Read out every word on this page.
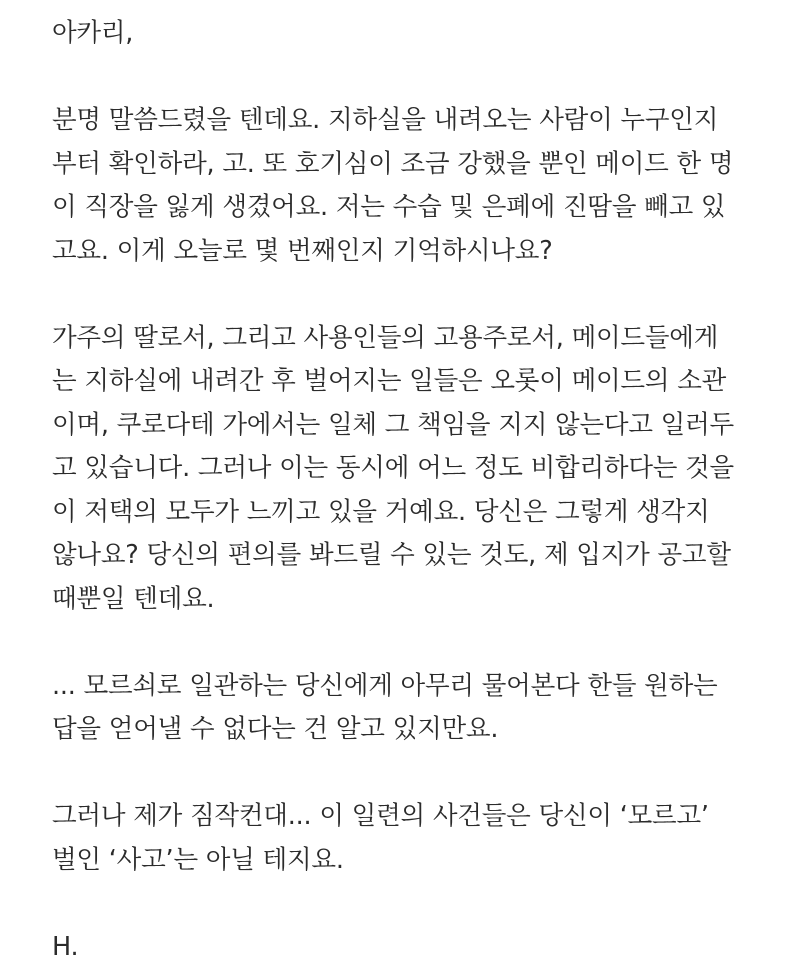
아카리,
분명 말씀드렸을 텐데요. 지하실을 내려오는 사람이 누구인지
부터 확인하라, 고. 또 호기심이 조금 강했을 뿐인 메이드 한 명
이 직장을 잃게 생겼어요. 저는 수습 및 은폐에 진땀을 빼고 있
고요. 이게 오늘로 몇 번째인지 기억하시나요?
가주의 딸로서, 그리고 사용인들의 고용주로서, 메이드들에게
는 지하실에 내려간 후 벌어지는 일들은 오롯이 메이드의 소관
이며, 쿠로다테 가에서는 일체 그 책임을 지지 않는다고 일러두
고 있습니다. 그러나 이는 동시에 어느 정도 비합리하다는 것을
이 저택의 모두가 느끼고 있을 거예요. 당신은 그렇게 생각지
않나요? 당신의 편의를 봐드릴 수 있는 것도, 제 입지가 공고할
때뿐일 텐데요.
... 모르쇠로 일관하는 당신에게 아무리 물어본다 한들 원하는
답을 얻어낼 수 없다는 건 알고 있지만요.
그러나 제가 짐작컨대... 이 일련의 사건들은 당신이 ‘모르고’
벌인 ‘사고’는 아닐 테지요.
H.
